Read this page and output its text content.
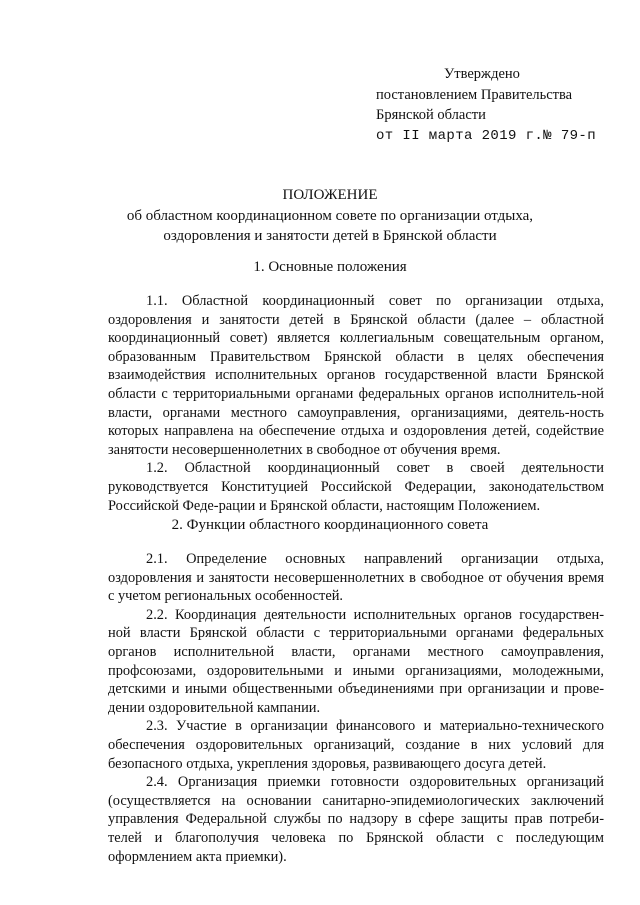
Утверждено
постановлением Правительства
Брянской области
от II марта 2019 г.№ 79-п
ПОЛОЖЕНИЕ
об областном координационном совете по организации отдыха,
оздоровления и занятости детей в Брянской области
1. Основные положения

1.1. Областной координационный совет по организации отдыха, оздоровления и занятости детей в Брянской области (далее – областной координационный совет) является коллегиальным совещательным органом, образованным Правительством Брянской области в целях обеспечения взаимодействия исполнительных органов государственной власти Брянской области с территориальными органами федеральных органов исполнитель-ной власти, органами местного самоуправления, организациями, деятель-ность которых направлена на обеспечение отдыха и оздоровления детей, содействие занятости несовершеннолетних в свободное от обучения время.

1.2. Областной координационный совет в своей деятельности руководствуется Конституцией Российской Федерации, законодательством Российской Феде-рации и Брянской области, настоящим Положением.

2. Функции областного координационного совета

2.1. Определение основных направлений организации отдыха, оздоровления и занятости несовершеннолетних в свободное от обучения время с учетом региональных особенностей.

2.2. Координация деятельности исполнительных органов государствен-ной власти Брянской области с территориальными органами федеральных органов исполнительной власти, органами местного самоуправления, профсоюзами, оздоровительными и иными организациями, молодежными, детскими и иными общественными объединениями при организации и прове-дении оздоровительной кампании.

2.3. Участие в организации финансового и материально-технического обеспечения оздоровительных организаций, создание в них условий для безопасного отдыха, укрепления здоровья, развивающего досуга детей.

2.4. Организация приемки готовности оздоровительных организаций (осуществляется на основании санитарно-эпидемиологических заключений управления Федеральной службы по надзору в сфере защиты прав потреби-телей и благополучия человека по Брянской области с последующим оформлением акта приемки).
